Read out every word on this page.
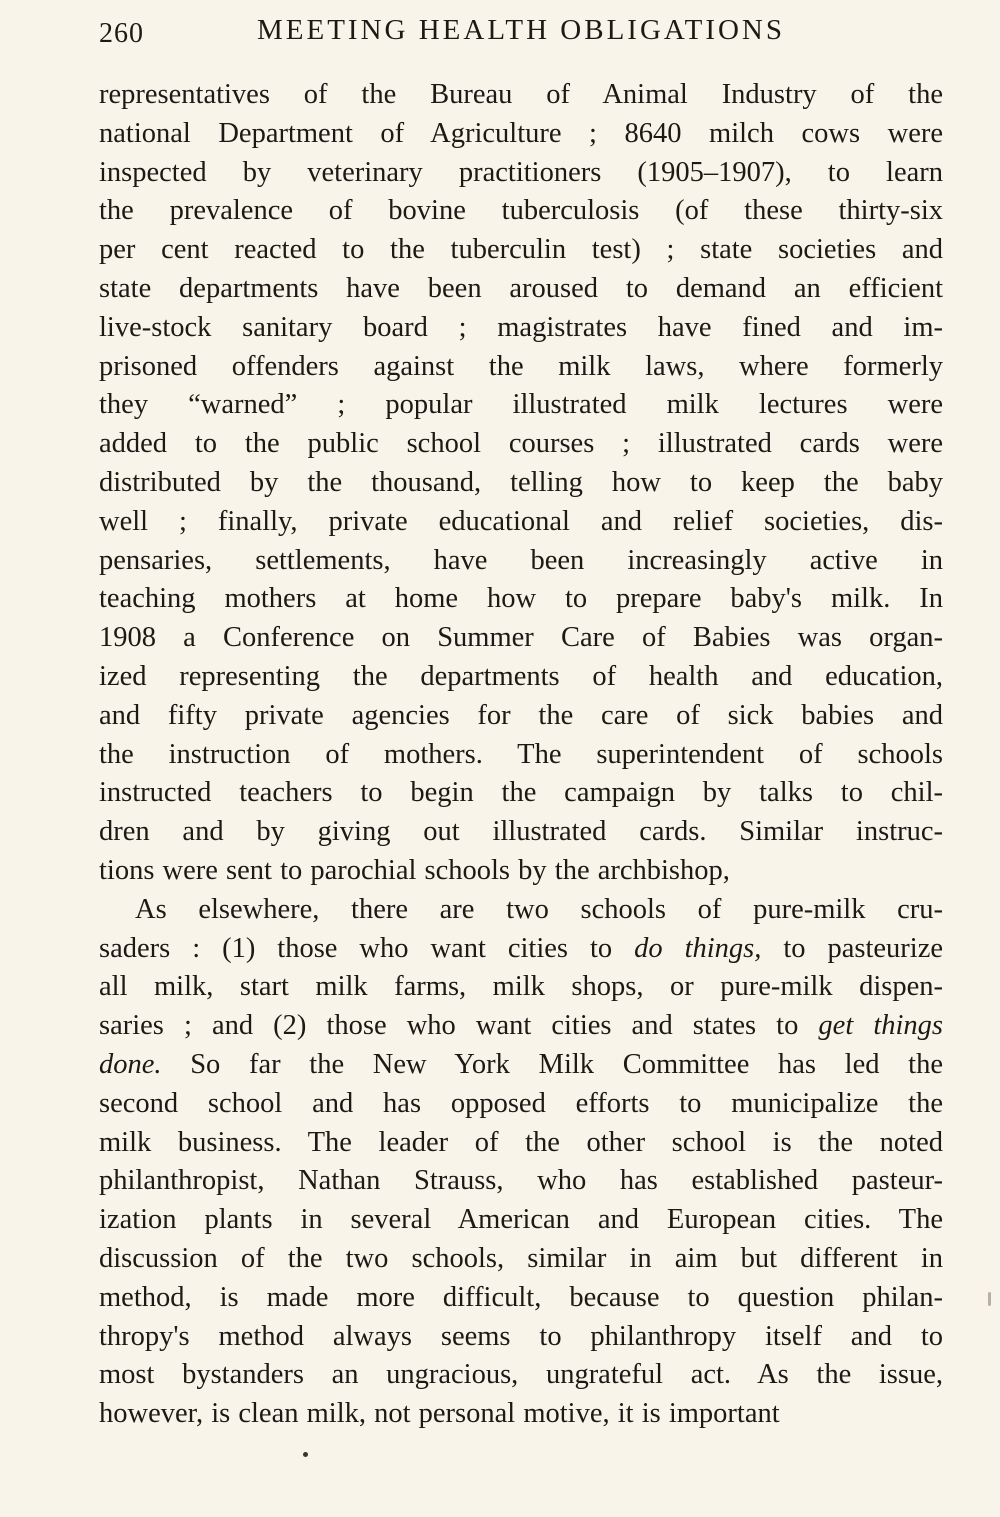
260	MEETING HEALTH OBLIGATIONS
representatives of the Bureau of Animal Industry of the
national Department of Agriculture ; 8640 milch cows were
inspected by veterinary practitioners (1905–1907), to learn
the prevalence of bovine tuberculosis (of these thirty-six
per cent reacted to the tuberculin test) ; state societies and
state departments have been aroused to demand an efficient
live-stock sanitary board ; magistrates have fined and im-
prisoned offenders against the milk laws, where formerly
they “warned” ; popular illustrated milk lectures were
added to the public school courses ; illustrated cards were
distributed by the thousand, telling how to keep the baby
well ; finally, private educational and relief societies, dis-
pensaries, settlements, have been increasingly active in
teaching mothers at home how to prepare baby's milk. In
1908 a Conference on Summer Care of Babies was organ-
ized representing the departments of health and education,
and fifty private agencies for the care of sick babies and
the instruction of mothers. The superintendent of schools
instructed teachers to begin the campaign by talks to chil-
dren and by giving out illustrated cards. Similar instruc-
tions were sent to parochial schools by the archbishop,
As elsewhere, there are two schools of pure-milk cru-
saders : (1) those who want cities to do things, to pasteurize
all milk, start milk farms, milk shops, or pure-milk dispen-
saries ; and (2) those who want cities and states to get things
done. So far the New York Milk Committee has led the
second school and has opposed efforts to municipalize the
milk business. The leader of the other school is the noted
philanthropist, Nathan Strauss, who has established pasteur-
ization plants in several American and European cities. The
discussion of the two schools, similar in aim but different in
method, is made more difficult, because to question philan-
thropy's method always seems to philanthropy itself and to
most bystanders an ungracious, ungrateful act. As the issue,
however, is clean milk, not personal motive, it is important
